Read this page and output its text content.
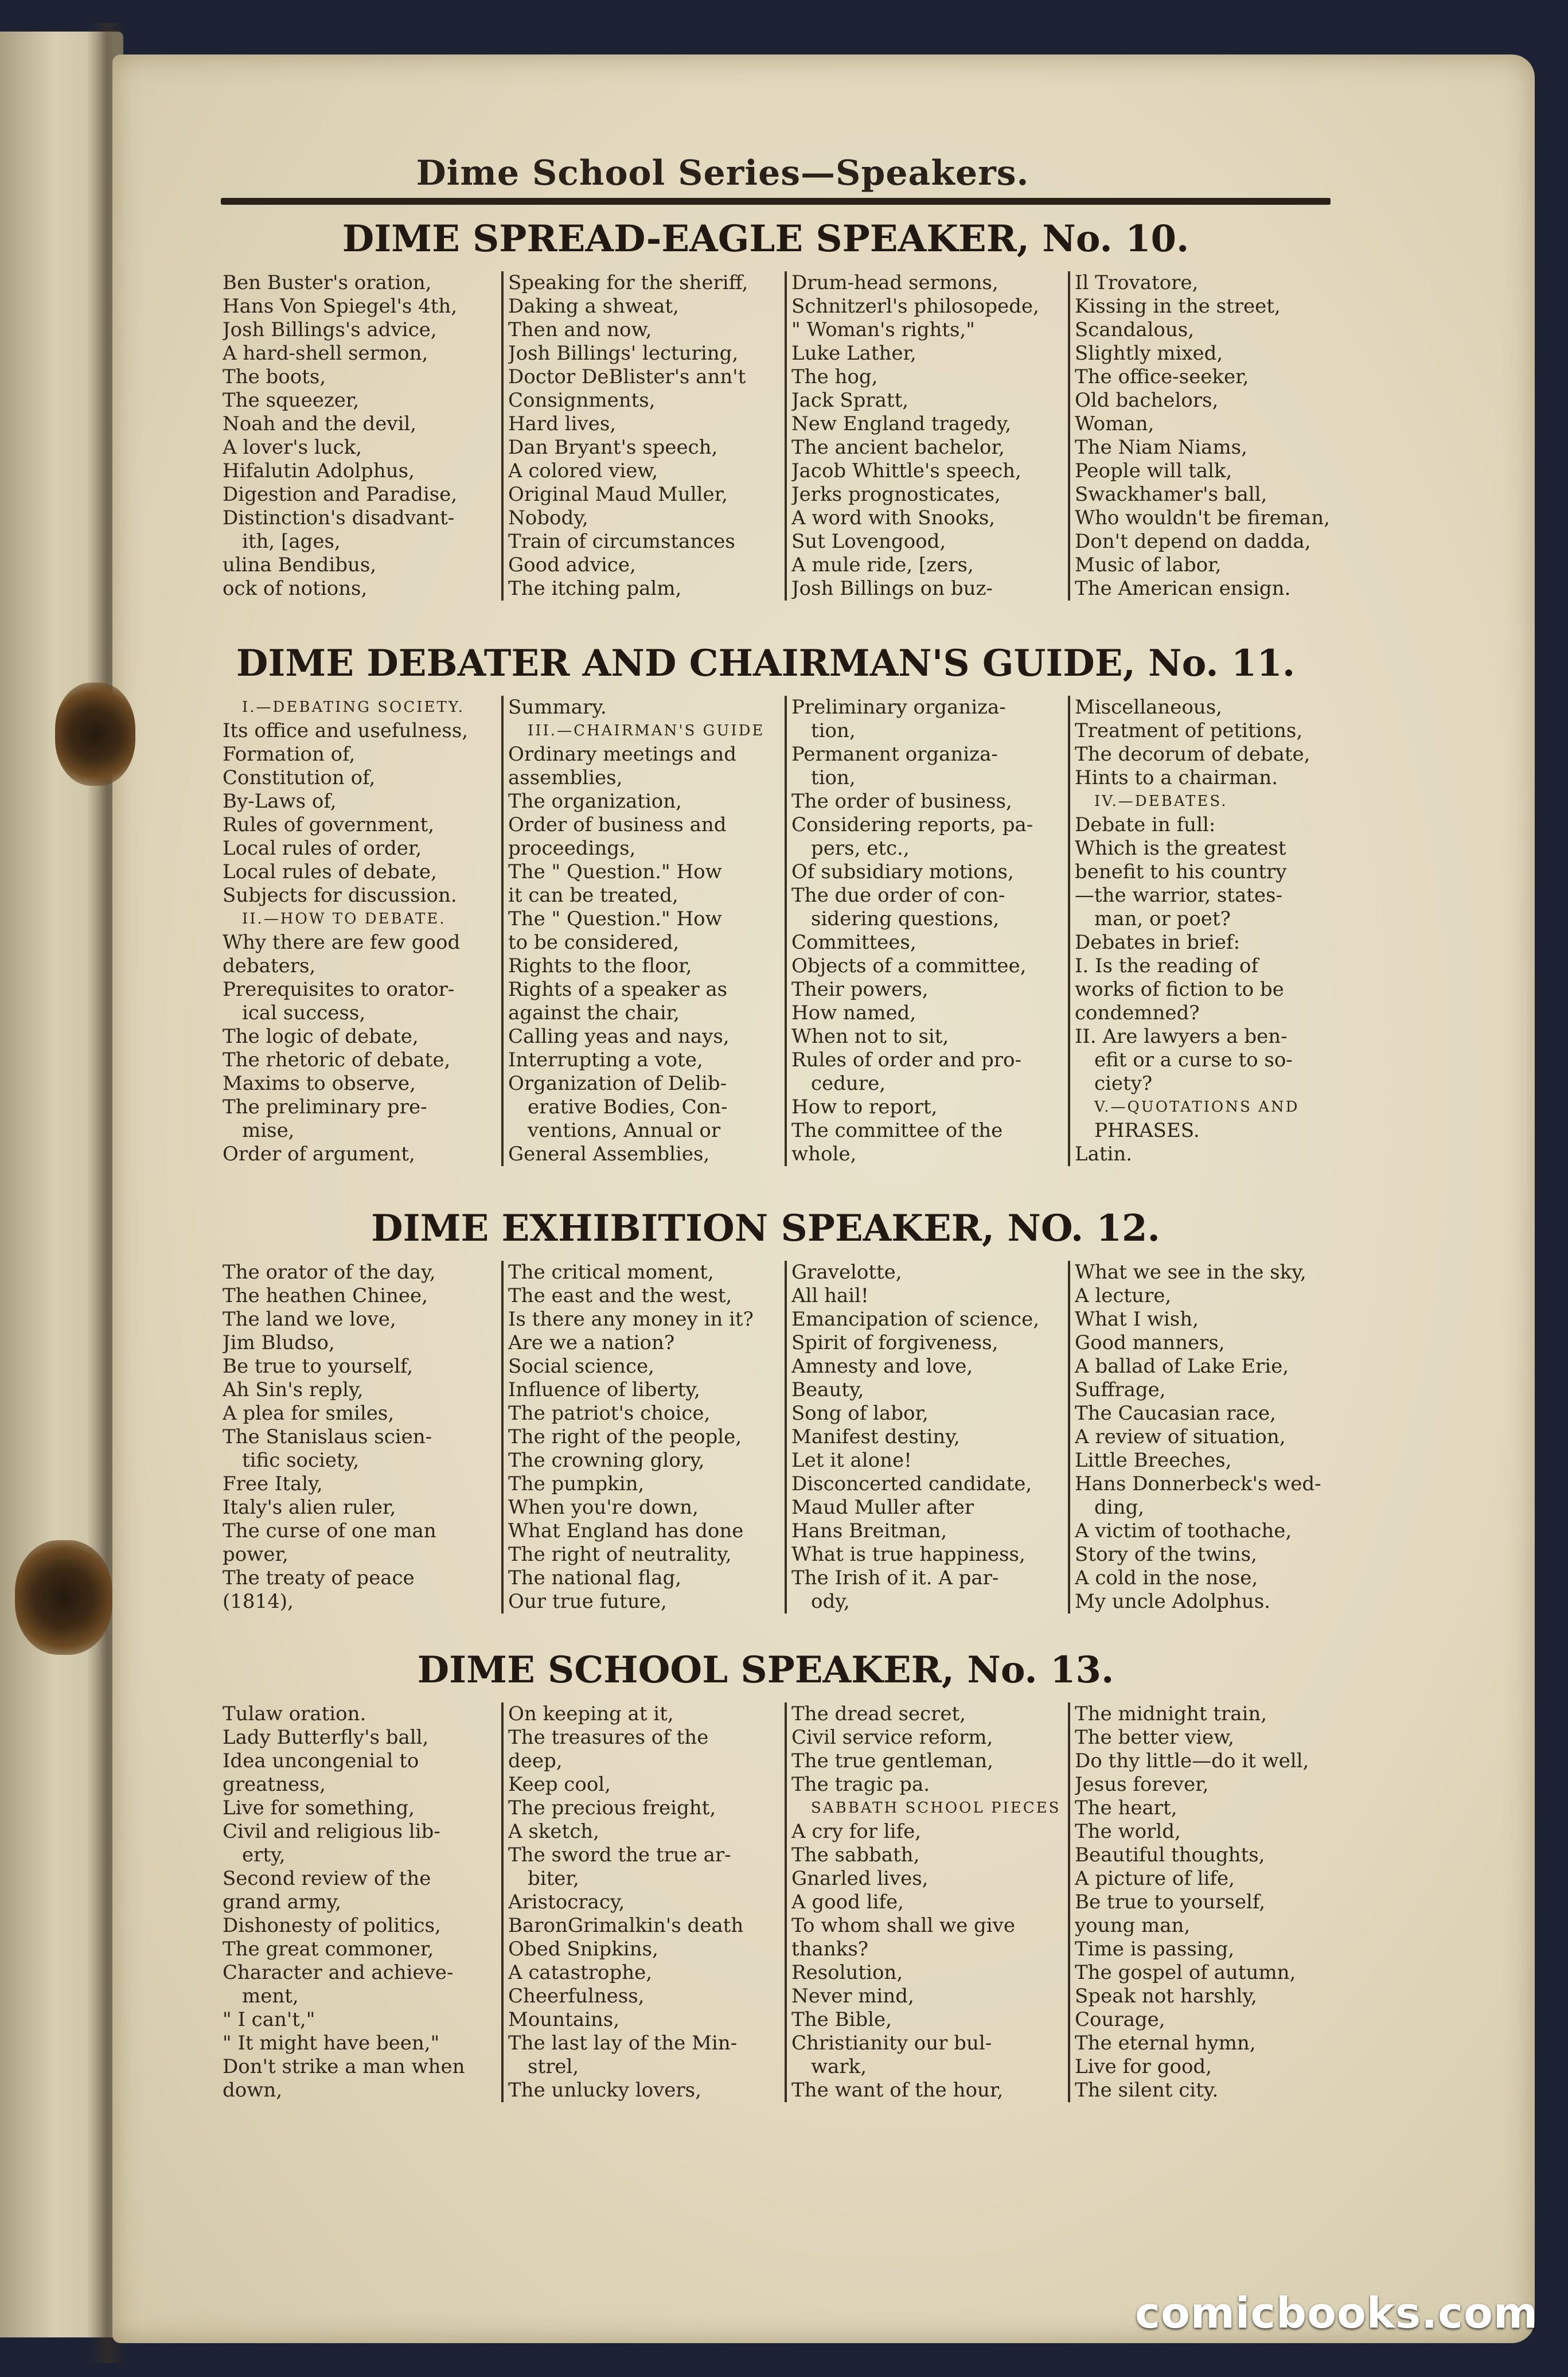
Dime School Series—Speakers.
DIME SPREAD-EAGLE SPEAKER, No. 10.
Ben Buster's oration,
Hans Von Spiegel's 4th,
Josh Billings's advice,
A hard-shell sermon,
The boots,
The squeezer,
Noah and the devil,
A lover's luck,
Hifalutin Adolphus,
Digestion and Paradise,
Distinction's disadvant-
ith, [ages,
ulina Bendibus,
ock of notions,
Speaking for the sheriff,
Daking a shweat,
Then and now,
Josh Billings' lecturing,
Doctor DeBlister's ann't
Consignments,
Hard lives,
Dan Bryant's speech,
A colored view,
Original Maud Muller,
Nobody,
Train of circumstances
Good advice,
The itching palm,
Drum-head sermons,
Schnitzerl's philosopede,
" Woman's rights,"
Luke Lather,
The hog,
Jack Spratt,
New England tragedy,
The ancient bachelor,
Jacob Whittle's speech,
Jerks prognosticates,
A word with Snooks,
Sut Lovengood,
A mule ride, [zers,
Josh Billings on buz-
Il Trovatore,
Kissing in the street,
Scandalous,
Slightly mixed,
The office-seeker,
Old bachelors,
Woman,
The Niam Niams,
People will talk,
Swackhamer's ball,
Who wouldn't be fireman,
Don't depend on dadda,
Music of labor,
The American ensign.
DIME DEBATER AND CHAIRMAN'S GUIDE, No. 11.
I.—DEBATING SOCIETY.
Its office and usefulness,
Formation of,
Constitution of,
By-Laws of,
Rules of government,
Local rules of order,
Local rules of debate,
Subjects for discussion.
II.—HOW TO DEBATE.
Why there are few good
debaters,
Prerequisites to orator-
ical success,
The logic of debate,
The rhetoric of debate,
Maxims to observe,
The preliminary pre-
mise,
Order of argument,
Summary.
III.—CHAIRMAN'S GUIDE
Ordinary meetings and
assemblies,
The organization,
Order of business and
proceedings,
The " Question." How
it can be treated,
The " Question." How
to be considered,
Rights to the floor,
Rights of a speaker as
against the chair,
Calling yeas and nays,
Interrupting a vote,
Organization of Delib-
erative Bodies, Con-
ventions, Annual or
General Assemblies,
Preliminary organiza-
tion,
Permanent organiza-
tion,
The order of business,
Considering reports, pa-
pers, etc.,
Of subsidiary motions,
The due order of con-
sidering questions,
Committees,
Objects of a committee,
Their powers,
How named,
When not to sit,
Rules of order and pro-
cedure,
How to report,
The committee of the
whole,
Miscellaneous,
Treatment of petitions,
The decorum of debate,
Hints to a chairman.
IV.—DEBATES.
Debate in full:
Which is the greatest
benefit to his country
—the warrior, states-
man, or poet?
Debates in brief:
I. Is the reading of
works of fiction to be
condemned?
II. Are lawyers a ben-
efit or a curse to so-
ciety?
V.—QUOTATIONS AND
PHRASES.
Latin.
DIME EXHIBITION SPEAKER, NO. 12.
The orator of the day,
The heathen Chinee,
The land we love,
Jim Bludso,
Be true to yourself,
Ah Sin's reply,
A plea for smiles,
The Stanislaus scien-
tific society,
Free Italy,
Italy's alien ruler,
The curse of one man
power,
The treaty of peace
(1814),
The critical moment,
The east and the west,
Is there any money in it?
Are we a nation?
Social science,
Influence of liberty,
The patriot's choice,
The right of the people,
The crowning glory,
The pumpkin,
When you're down,
What England has done
The right of neutrality,
The national flag,
Our true future,
Gravelotte,
All hail!
Emancipation of science,
Spirit of forgiveness,
Amnesty and love,
Beauty,
Song of labor,
Manifest destiny,
Let it alone!
Disconcerted candidate,
Maud Muller after
Hans Breitman,
What is true happiness,
The Irish of it. A par-
ody,
What we see in the sky,
A lecture,
What I wish,
Good manners,
A ballad of Lake Erie,
Suffrage,
The Caucasian race,
A review of situation,
Little Breeches,
Hans Donnerbeck's wed-
ding,
A victim of toothache,
Story of the twins,
A cold in the nose,
My uncle Adolphus.
DIME SCHOOL SPEAKER, No. 13.
Tulaw oration.
Lady Butterfly's ball,
Idea uncongenial to
greatness,
Live for something,
Civil and religious lib-
erty,
Second review of the
grand army,
Dishonesty of politics,
The great commoner,
Character and achieve-
ment,
" I can't,"
" It might have been,"
Don't strike a man when
down,
On keeping at it,
The treasures of the
deep,
Keep cool,
The precious freight,
A sketch,
The sword the true ar-
biter,
Aristocracy,
BaronGrimalkin's death
Obed Snipkins,
A catastrophe,
Cheerfulness,
Mountains,
The last lay of the Min-
strel,
The unlucky lovers,
The dread secret,
Civil service reform,
The true gentleman,
The tragic pa.
SABBATH SCHOOL PIECES
A cry for life,
The sabbath,
Gnarled lives,
A good life,
To whom shall we give
thanks?
Resolution,
Never mind,
The Bible,
Christianity our bul-
wark,
The want of the hour,
The midnight train,
The better view,
Do thy little—do it well,
Jesus forever,
The heart,
The world,
Beautiful thoughts,
A picture of life,
Be true to yourself,
young man,
Time is passing,
The gospel of autumn,
Speak not harshly,
Courage,
The eternal hymn,
Live for good,
The silent city.

comicbooks.com
